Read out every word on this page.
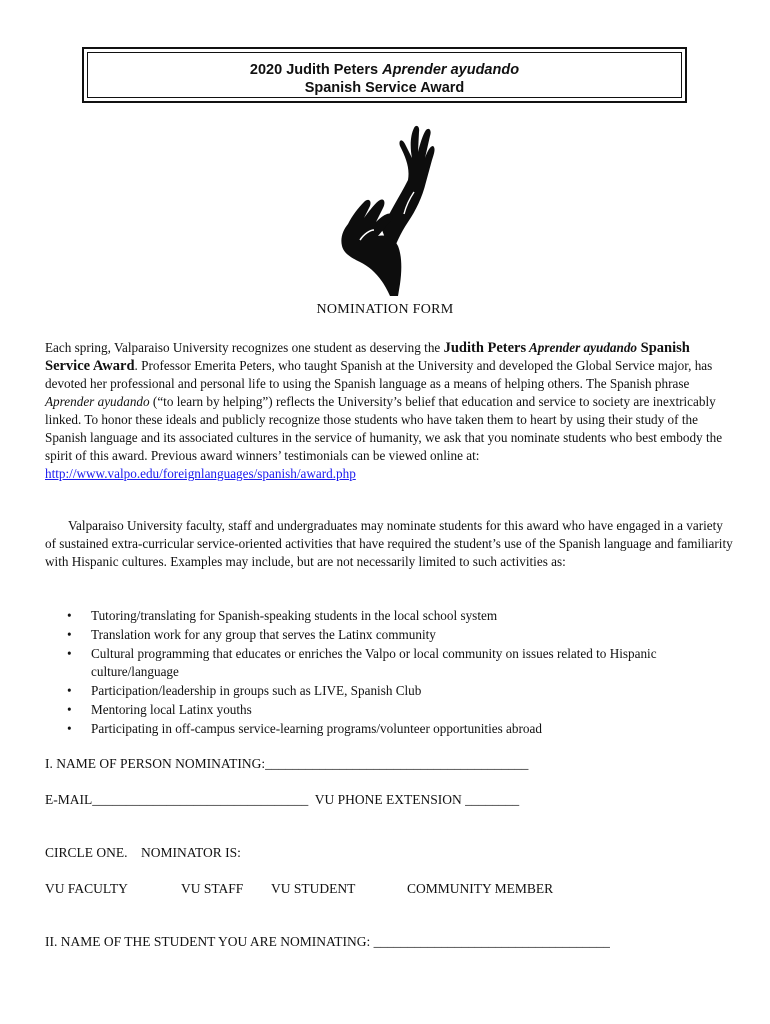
2020 Judith Peters Aprender ayudando
Spanish Service Award
NOMINATION FORM
Each spring, Valparaiso University recognizes one student as deserving the Judith Peters Aprender ayudando Spanish Service Award. Professor Emerita Peters, who taught Spanish at the University and developed the Global Service major, has devoted her professional and personal life to using the Spanish language as a means of helping others. The Spanish phrase Aprender ayudando (“to learn by helping”) reflects the University’s belief that education and service to society are inextricably linked. To honor these ideals and publicly recognize those students who have taken them to heart by using their study of the Spanish language and its associated cultures in the service of humanity, we ask that you nominate students who best embody the spirit of this award. Previous award winners’ testimonials can be viewed online at:
http://www.valpo.edu/foreignlanguages/spanish/award.php
Valparaiso University faculty, staff and undergraduates may nominate students for this award who have engaged in a variety of sustained extra-curricular service-oriented activities that have required the student’s use of the Spanish language and familiarity with Hispanic cultures. Examples may include, but are not necessarily limited to such activities as:
• Tutoring/translating for Spanish-speaking students in the local school system
• Translation work for any group that serves the Latinx community
• Cultural programming that educates or enriches the Valpo or local community on issues related to Hispanic culture/language
• Participation/leadership in groups such as LIVE, Spanish Club
• Mentoring local Latinx youths
• Participating in off-campus service-learning programs/volunteer opportunities abroad
I. NAME OF PERSON NOMINATING:_______________________________________
E-MAIL________________________________  VU PHONE EXTENSION ________
CIRCLE ONE.    NOMINATOR IS:
VU FACULTY	VU STAFF VU STUDENT	COMMUNITY MEMBER
II. NAME OF THE STUDENT YOU ARE NOMINATING: ___________________________________
